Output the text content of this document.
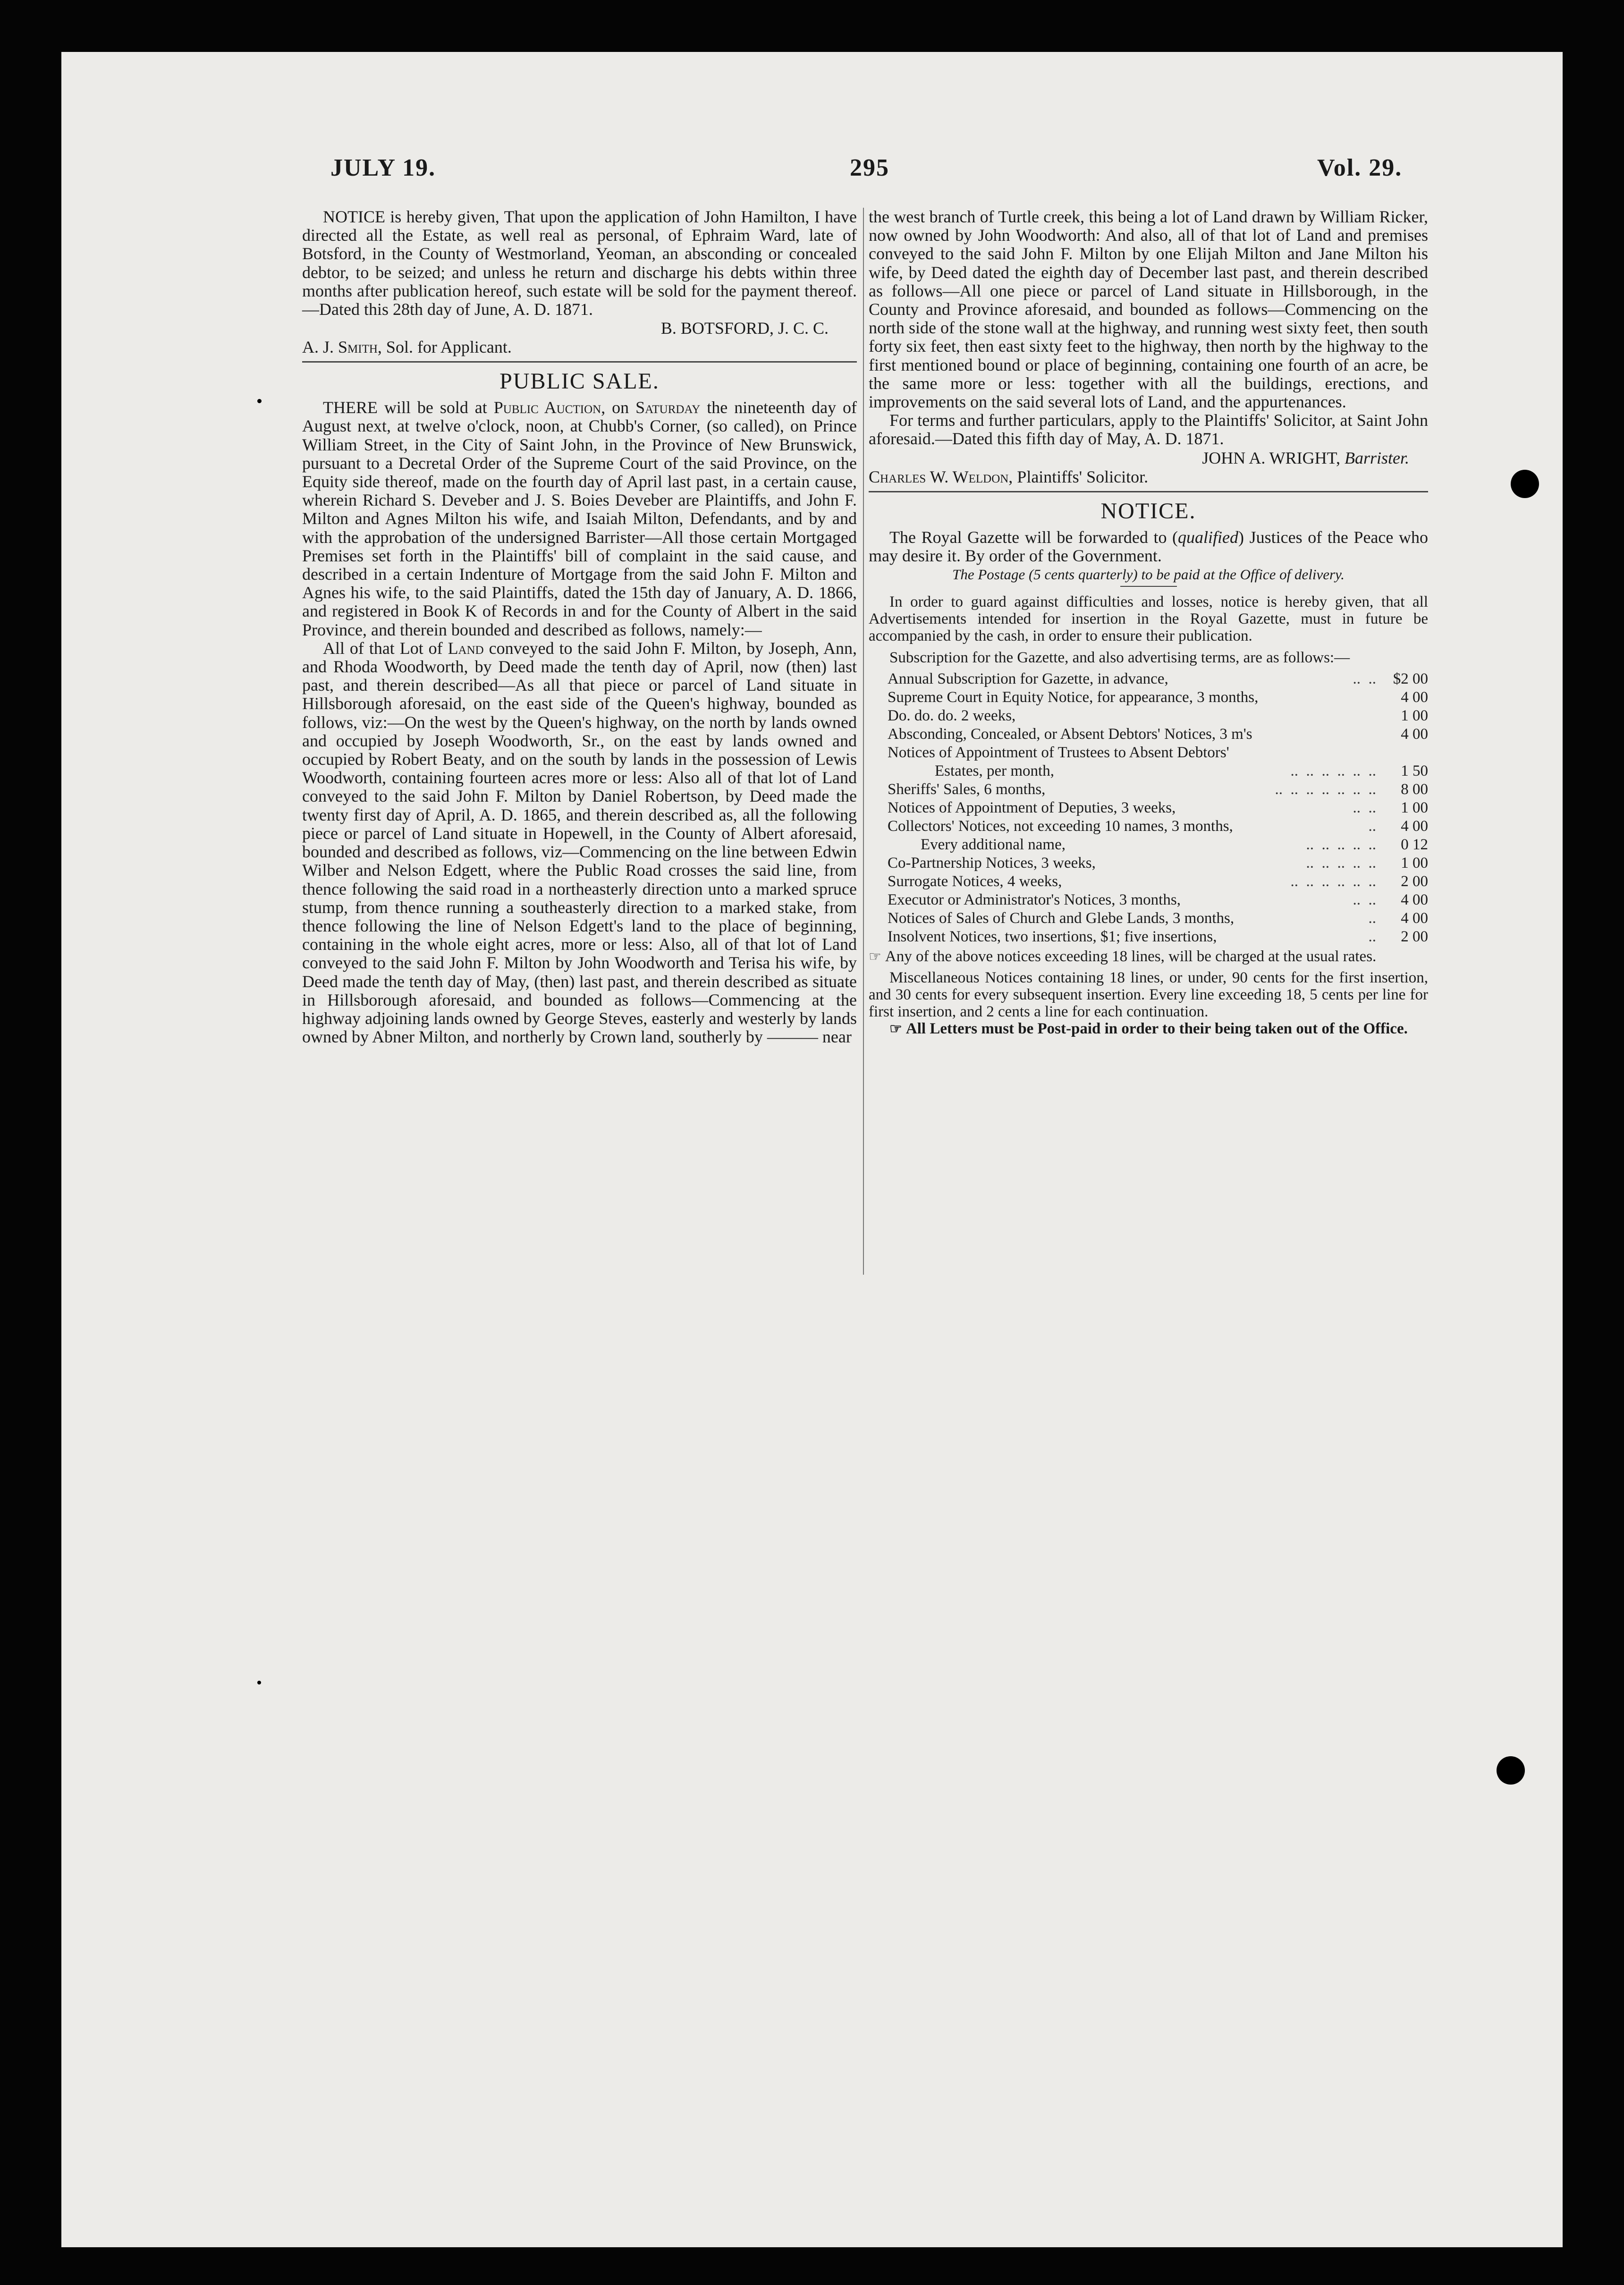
JULY 19.	295	Vol. 29.

NOTICE is hereby given, That upon the application of John Hamilton, I have directed all the Estate, as well real as personal, of Ephraim Ward, late of Botsford, in the County of Westmorland, Yeoman, an absconding or concealed debtor, to be seized; and unless he return and discharge his debts within three months after publication hereof, such estate will be sold for the payment thereof.—Dated this 28th day of June, A. D. 1871.

B. BOTSFORD, J. C. C.
A. J. Smith, Sol. for Applicant.
PUBLIC SALE.

THERE will be sold at Public Auction, on Saturday the nineteenth day of August next, at twelve o'clock, noon, at Chubb's Corner, (so called), on Prince William Street, in the City of Saint John, in the Province of New Brunswick, pursuant to a Decretal Order of the Supreme Court of the said Province, on the Equity side thereof, made on the fourth day of April last past, in a certain cause, wherein Richard S. Deveber and J. S. Boies Deveber are Plaintiffs, and John F. Milton and Agnes Milton his wife, and Isaiah Milton, Defendants, and by and with the approbation of the undersigned Barrister—All those certain Mortgaged Premises set forth in the Plaintiffs' bill of complaint in the said cause, and described in a certain Indenture of Mortgage from the said John F. Milton and Agnes his wife, to the said Plaintiffs, dated the 15th day of January, A. D. 1866, and registered in Book K of Records in and for the County of Albert in the said Province, and therein bounded and described as follows, namely:—

All of that Lot of Land conveyed to the said John F. Milton, by Joseph, Ann, and Rhoda Woodworth, by Deed made the tenth day of April, now (then) last past, and therein described—As all that piece or parcel of Land situate in Hillsborough aforesaid, on the east side of the Queen's highway, bounded as follows, viz:—On the west by the Queen's highway, on the north by lands owned and occupied by Joseph Woodworth, Sr., on the east by lands owned and occupied by Robert Beaty, and on the south by lands in the possession of Lewis Woodworth, containing fourteen acres more or less: Also all of that lot of Land conveyed to the said John F. Milton by Daniel Robertson, by Deed made the twenty first day of April, A. D. 1865, and therein described as, all the following piece or parcel of Land situate in Hopewell, in the County of Albert aforesaid, bounded and described as follows, viz—Commencing on the line between Edwin Wilber and Nelson Edgett, where the Public Road crosses the said line, from thence following the said road in a northeasterly direction unto a marked spruce stump, from thence running a southeasterly direction to a marked stake, from thence following the line of Nelson Edgett's land to the place of beginning, containing in the whole eight acres, more or less: Also, all of that lot of Land conveyed to the said John F. Milton by John Woodworth and Terisa his wife, by Deed made the tenth day of May, (then) last past, and therein described as situate in Hillsborough aforesaid, and bounded as follows—Commencing at the highway adjoining lands owned by George Steves, easterly and westerly by lands owned by Abner Milton, and northerly by Crown land, southerly by ——— near

the west branch of Turtle creek, this being a lot of Land drawn by William Ricker, now owned by John Woodworth: And also, all of that lot of Land and premises conveyed to the said John F. Milton by one Elijah Milton and Jane Milton his wife, by Deed dated the eighth day of December last past, and therein described as follows—All one piece or parcel of Land situate in Hillsborough, in the County and Province aforesaid, and bounded as follows—Commencing on the north side of the stone wall at the highway, and running west sixty feet, then south forty six feet, then east sixty feet to the highway, then north by the highway to the first mentioned bound or place of beginning, containing one fourth of an acre, be the same more or less: together with all the buildings, erections, and improvements on the said several lots of Land, and the appurtenances.

For terms and further particulars, apply to the Plaintiffs' Solicitor, at Saint John aforesaid.—Dated this fifth day of May, A. D. 1871.

JOHN A. WRIGHT, Barrister.
Charles W. Weldon, Plaintiffs' Solicitor.
NOTICE.

The Royal Gazette will be forwarded to (qualified) Justices of the Peace who may desire it. By order of the Government.

The Postage (5 cents quarterly) to be paid at the Office of delivery.

In order to guard against difficulties and losses, notice is hereby given, that all Advertisements intended for insertion in the Royal Gazette, must in future be accompanied by the cash, in order to ensure their publication.

Subscription for the Gazette, and also advertising terms, are as follows:—

Annual Subscription for Gazette, in advance,	..  ..	$2 00
Supreme Court in Equity Notice, for appearance, 3 months,	4 00
Do. do. do. 2 weeks,	1 00
Absconding, Concealed, or Absent Debtors' Notices, 3 m's	4 00
Notices of Appointment of Trustees to Absent Debtors'
Estates, per month,	..  ..  ..  ..  ..  ..	1 50
Sheriffs' Sales, 6 months,	..  ..  ..  ..  ..  ..  ..	8 00
Notices of Appointment of Deputies, 3 weeks,	..  ..	1 00
Collectors' Notices, not exceeding 10 names, 3 months,	..	4 00
Every additional name,	..  ..  ..  ..  ..	0 12
Co-Partnership Notices, 3 weeks,	..  ..  ..  ..  ..	1 00
Surrogate Notices, 4 weeks,	..  ..  ..  ..  ..  ..	2 00
Executor or Administrator's Notices, 3 months,	..  ..	4 00
Notices of Sales of Church and Glebe Lands, 3 months,	..	4 00
Insolvent Notices, two insertions, $1; five insertions,	..	2 00

☞ Any of the above notices exceeding 18 lines, will be charged at the usual rates.

Miscellaneous Notices containing 18 lines, or under, 90 cents for the first insertion, and 30 cents for every subsequent insertion. Every line exceeding 18, 5 cents per line for first insertion, and 2 cents a line for each continuation.

☞ All Letters must be Post-paid in order to their being taken out of the Office.
